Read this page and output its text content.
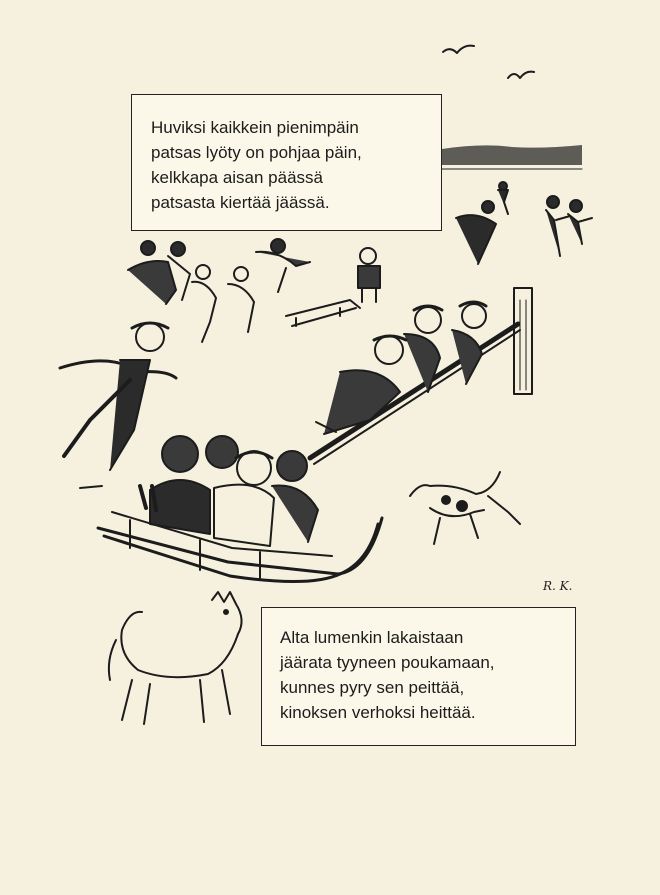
Huviksi kaikkein pienimpäin
patsas lyöty on pohjaa päin,
kelkkapa aisan päässä
patsasta kiertää jäässä.
R. K.
Alta lumenkin lakaistaan
jäärata tyyneen poukamaan,
kunnes pyry sen peittää,
kinoksen verhoksi heittää.
